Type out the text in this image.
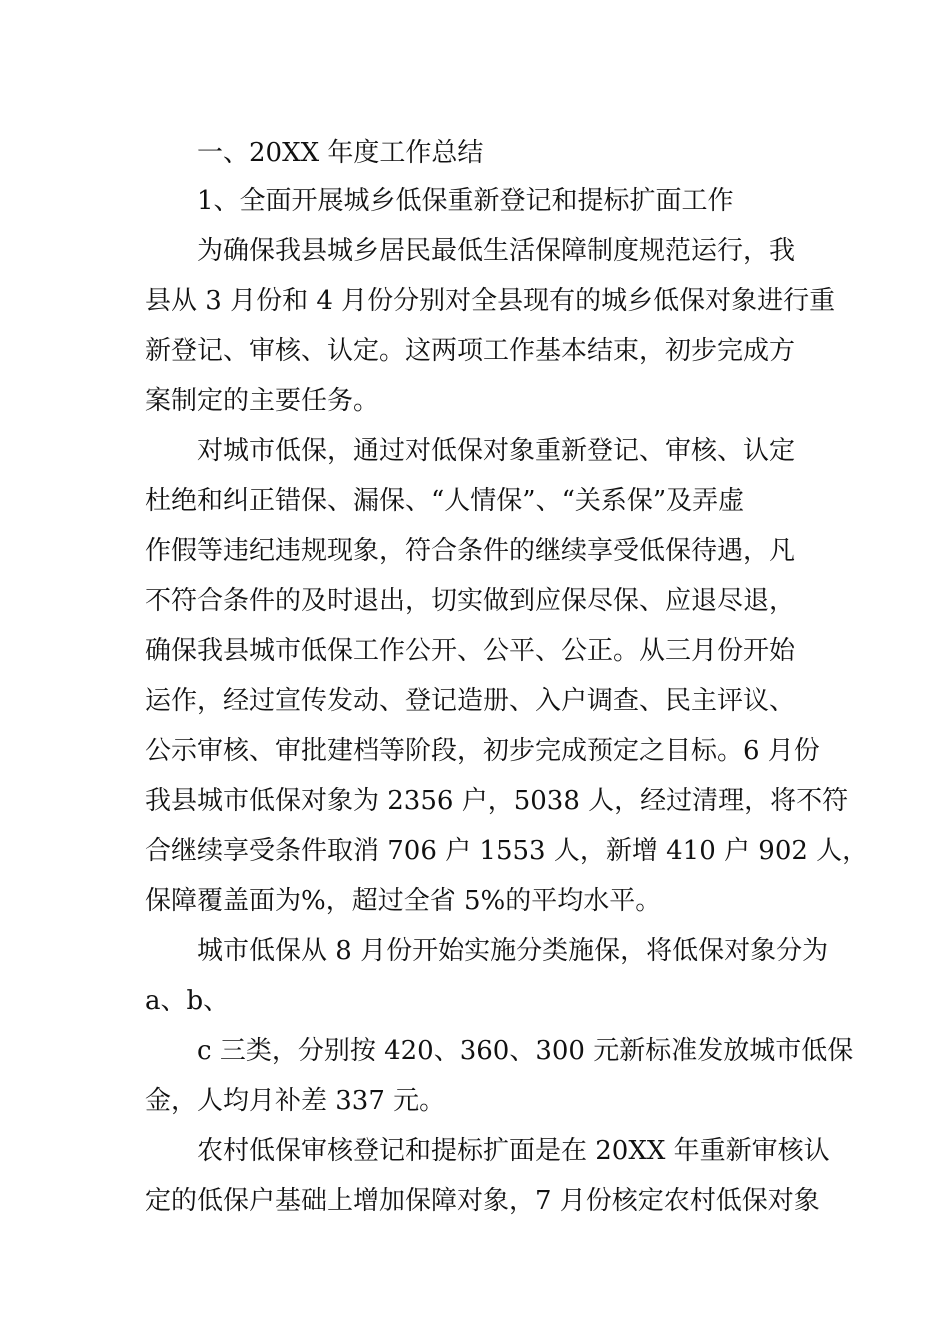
一、20XX 年度工作总结
1、全面开展城乡低保重新登记和提标扩面工作
为确保我县城乡居民最低生活保障制度规范运行，我
县从 3 月份和 4 月份分别对全县现有的城乡低保对象进行重
新登记、审核、认定。这两项工作基本结束，初步完成方
案制定的主要任务。
对城市低保，通过对低保对象重新登记、审核、认定
杜绝和纠正错保、漏保、“人情保”、“关系保”及弄虚
作假等违纪违规现象，符合条件的继续享受低保待遇，凡
不符合条件的及时退出，切实做到应保尽保、应退尽退，
确保我县城市低保工作公开、公平、公正。从三月份开始
运作，经过宣传发动、登记造册、入户调查、民主评议、
公示审核、审批建档等阶段，初步完成预定之目标。6 月份
我县城市低保对象为 2356 户，5038 人，经过清理，将不符
合继续享受条件取消 706 户 1553 人，新增 410 户 902 人，
保障覆盖面为%，超过全省 5%的平均水平。
城市低保从 8 月份开始实施分类施保，将低保对象分为
a、b、
c 三类，分别按 420、360、300 元新标准发放城市低保
金，人均月补差 337 元。
农村低保审核登记和提标扩面是在 20XX 年重新审核认
定的低保户基础上增加保障对象，7 月份核定农村低保对象
